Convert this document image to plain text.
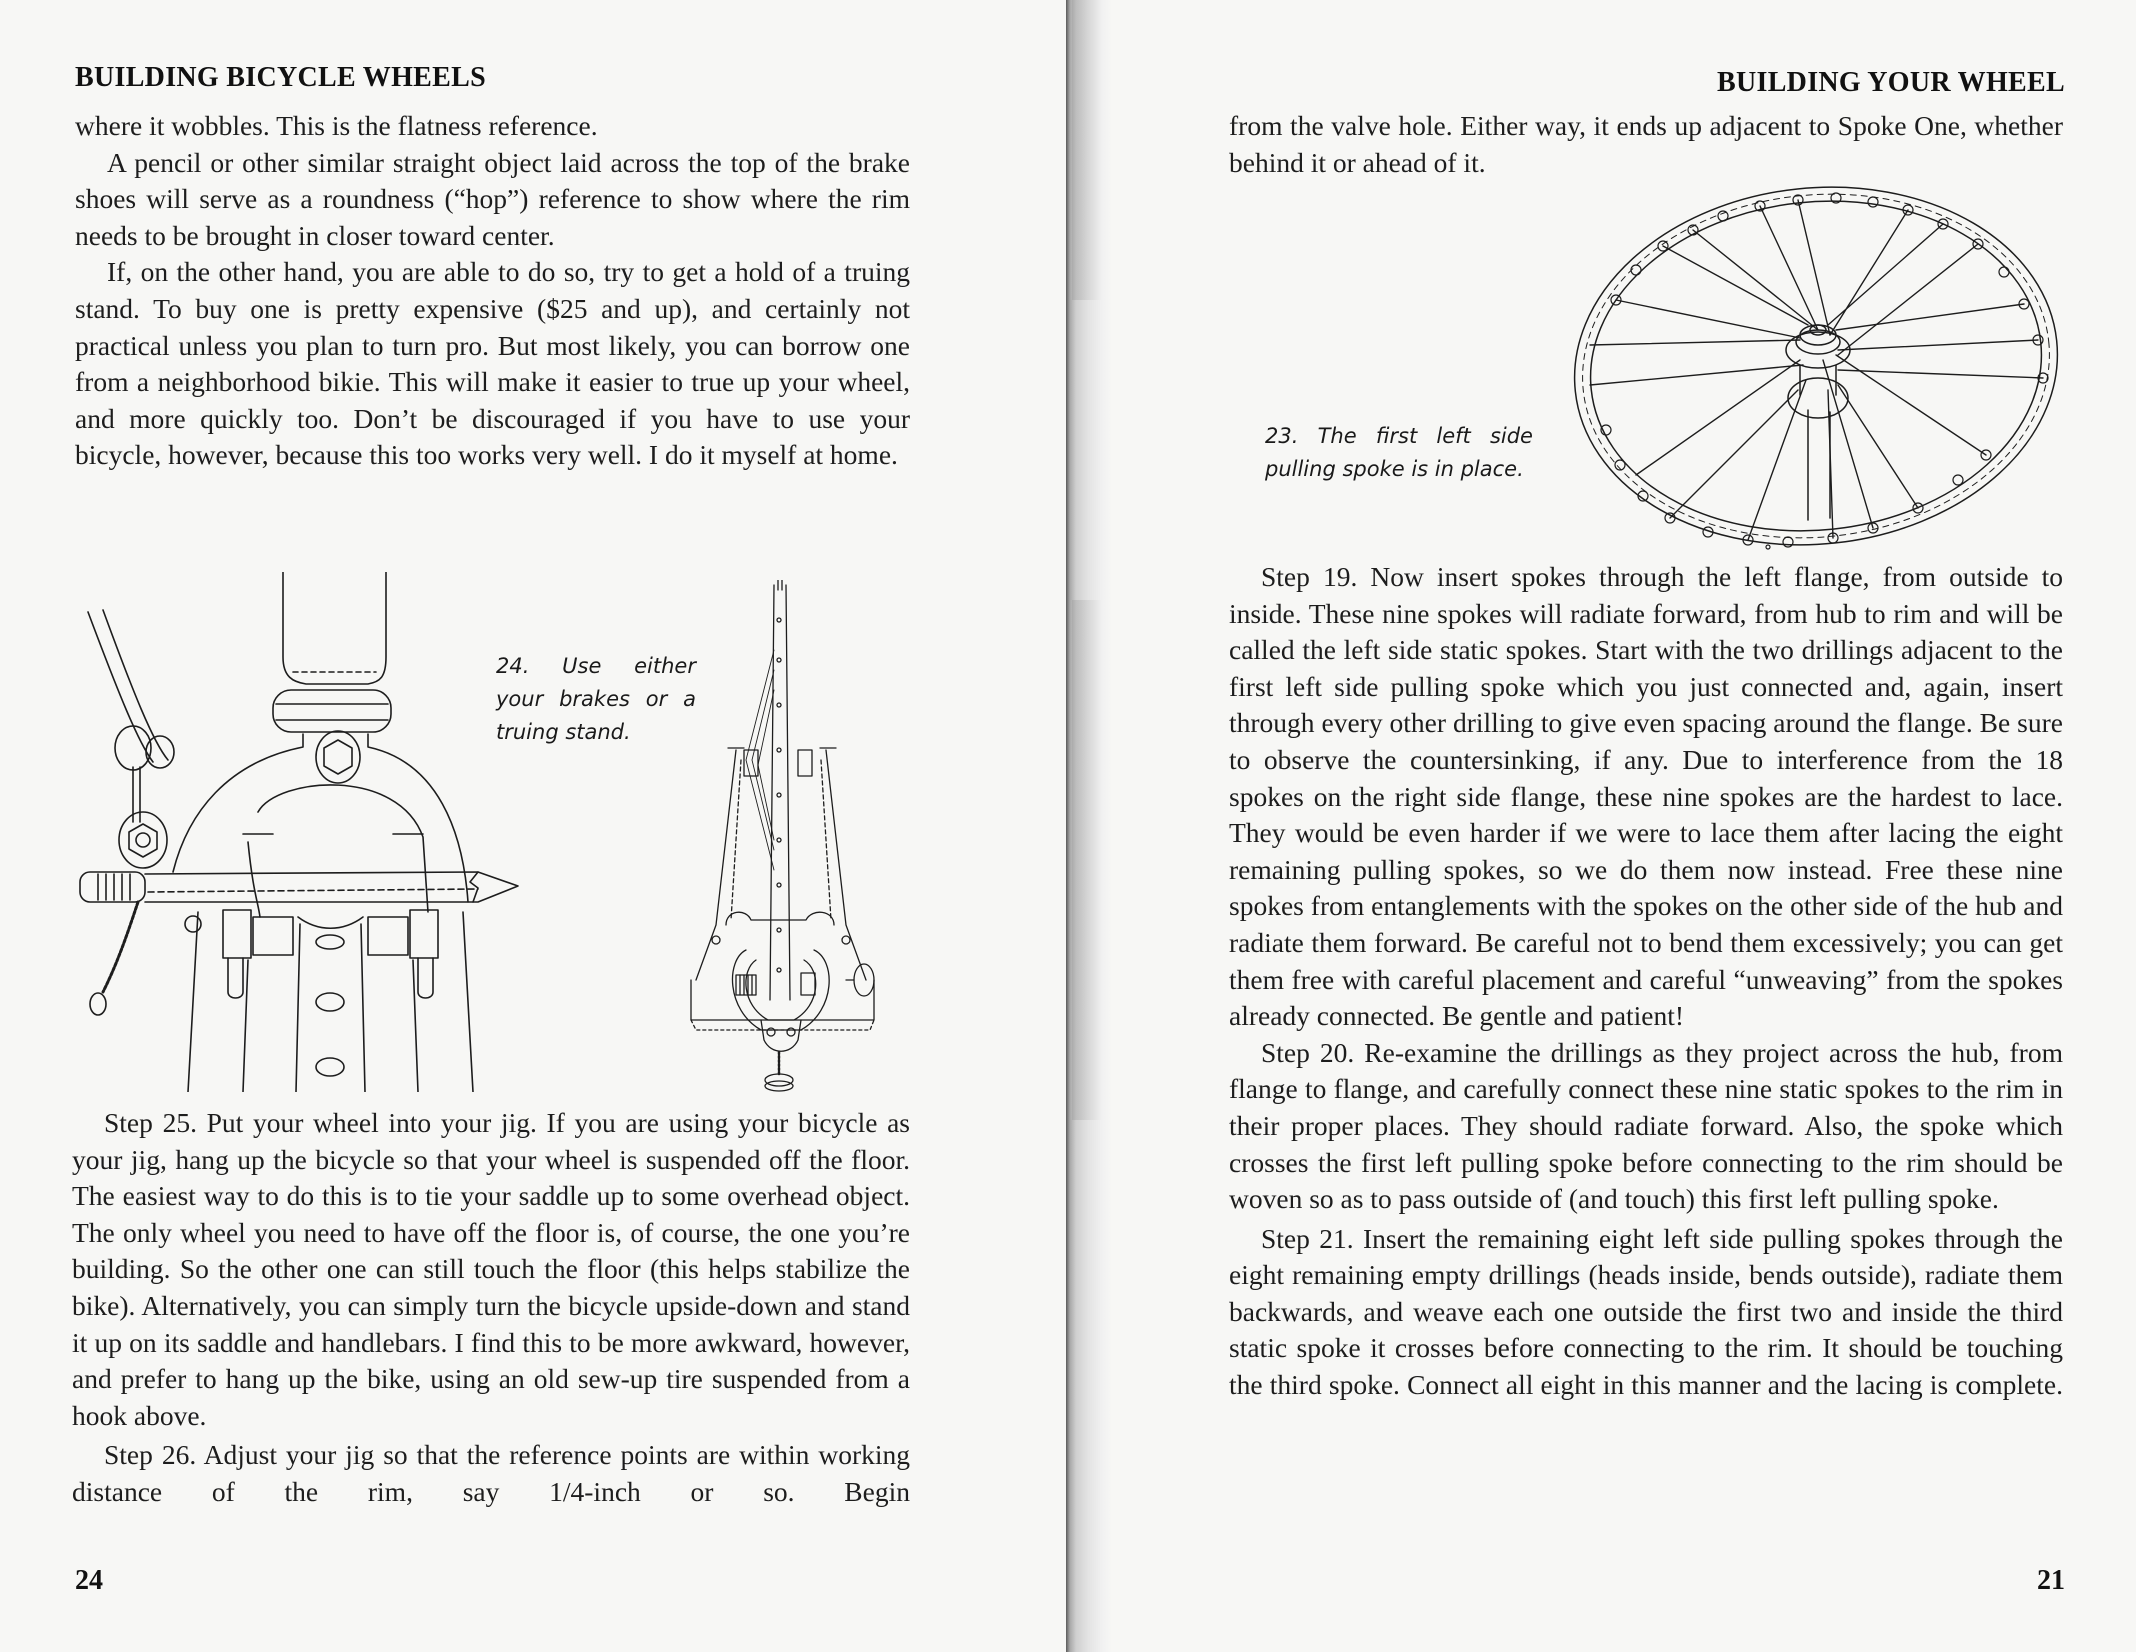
BUILDING BICYCLE WHEELS

where it wobbles. This is the flatness reference.

A pencil or other similar straight object laid across the top of the brake shoes will serve as a roundness (“hop”) reference to show where the rim needs to be brought in closer toward center.

If, on the other hand, you are able to do so, try to get a hold of a truing stand. To buy one is pretty expensive ($25 and up), and certainly not practical unless you plan to turn pro. But most likely, you can borrow one from a neighborhood bikie. This will make it easier to true up your wheel, and more quickly too. Don’t be discouraged if you have to use your bicycle, however, because this too works very well. I do it myself at home.

24. Use either your brakes or a truing stand.

Step 25. Put your wheel into your jig. If you are using your bicycle as your jig, hang up the bicycle so that your wheel is suspended off the floor. The easiest way to do this is to tie your saddle up to some overhead object. The only wheel you need to have off the floor is, of course, the one you’re building. So the other one can still touch the floor (this helps stabilize the bike). Alternatively, you can simply turn the bicycle upside-down and stand it up on its saddle and handlebars. I find this to be more awkward, however, and prefer to hang up the bike, using an old sew-up tire suspended from a hook above.

Step 26. Adjust your jig so that the reference points are within working distance of the rim, say 1/4-inch or so. Begin

24
BUILDING YOUR WHEEL

from the valve hole. Either way, it ends up adjacent to Spoke One, whether behind it or ahead of it.

23. The first left side pulling spoke is in place.

Step 19. Now insert spokes through the left flange, from outside to inside. These nine spokes will radiate forward, from hub to rim and will be called the left side static spokes. Start with the two drillings adjacent to the first left side pulling spoke which you just connected and, again, insert through every other drilling to give even spacing around the flange. Be sure to observe the countersinking, if any. Due to interference from the 18 spokes on the right side flange, these nine spokes are the hardest to lace. They would be even harder if we were to lace them after lacing the eight remaining pulling spokes, so we do them now instead. Free these nine spokes from entanglements with the spokes on the other side of the hub and radiate them forward. Be careful not to bend them excessively; you can get them free with careful placement and careful “unweaving” from the spokes already connected. Be gentle and patient!

Step 20. Re-examine the drillings as they project across the hub, from flange to flange, and carefully connect these nine static spokes to the rim in their proper places. They should radiate forward. Also, the spoke which crosses the first left pulling spoke before connecting to the rim should be woven so as to pass outside of (and touch) this first left pulling spoke.

Step 21. Insert the remaining eight left side pulling spokes through the eight remaining empty drillings (heads inside, bends outside), radiate them backwards, and weave each one outside the first two and inside the third static spoke it crosses before connecting to the rim. It should be touching the third spoke. Connect all eight in this manner and the lacing is complete.

21
